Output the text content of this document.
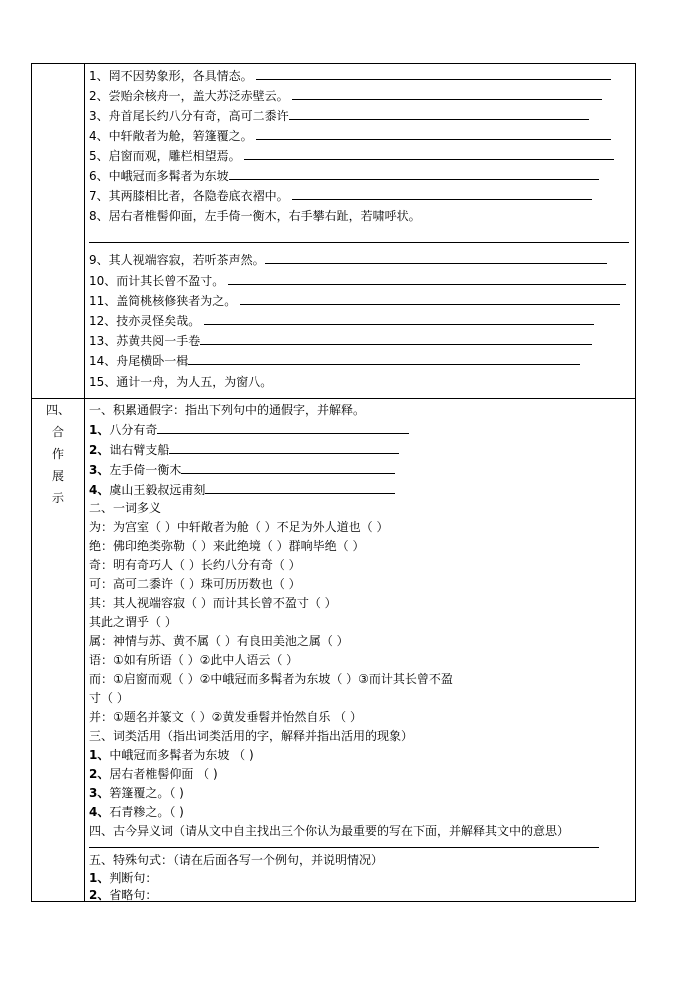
四、
合
作
展
示
1、罔不因势象形，各具情态。
2、尝贻余核舟一，盖大苏泛赤壁云。
3、舟首尾长约八分有奇，高可二黍许
4、中轩敞者为舱，箬篷覆之。
5、启窗而观，雕栏相望焉。
6、中峨冠而多髯者为东坡
7、其两膝相比者，各隐卷底衣褶中。
8、居右者椎髻仰面，左手倚一衡木，右手攀右趾，若啸呼状。
9、其人视端容寂，若听茶声然。
10、而计其长曾不盈寸。
11、盖简桃核修狭者为之。
12、技亦灵怪矣哉。
13、苏黄共阅一手卷
14、舟尾横卧一楫
15、通计一舟，为人五，为窗八。
一、积累通假字：指出下列句中的通假字，并解释。
1、八分有奇
2、诎右臂支船
3、左手倚一衡木
4、虞山王毅叔远甫刻
二、一词多义
为：为宫室（ ）中轩敞者为舱（ ）不足为外人道也（ ）
绝：佛印绝类弥勒（ ）来此绝境（ ）群响毕绝（ ）
奇：明有奇巧人（ ）长约八分有奇（ ）
可：高可二黍许（ ）珠可历历数也（ ）
其：其人视端容寂（ ）而计其长曾不盈寸（ ）
其此之谓乎（ ）
属：神情与苏、黄不属（ ）有良田美池之属（ ）
语：①如有所语（ ）②此中人语云（ ）
而：①启窗而观（ ）②中峨冠而多髯者为东坡（ ）③而计其长曾不盈
寸（ ）
并：①题名并篆文（ ）②黄发垂髫并怡然自乐 （ ）
三、词类活用（指出词类活用的字，解释并指出活用的现象）
1、中峨冠而多髯者为东坡 （ )
2、居右者椎髻仰面 （ )
3、箬篷覆之。（ )
4、石青糁之。（ )
四、古今异义词（请从文中自主找出三个你认为最重要的写在下面，并解释其文中的意思）
五、特殊句式：（请在后面各写一个例句，并说明情况）
1、判断句：
2、省略句：
